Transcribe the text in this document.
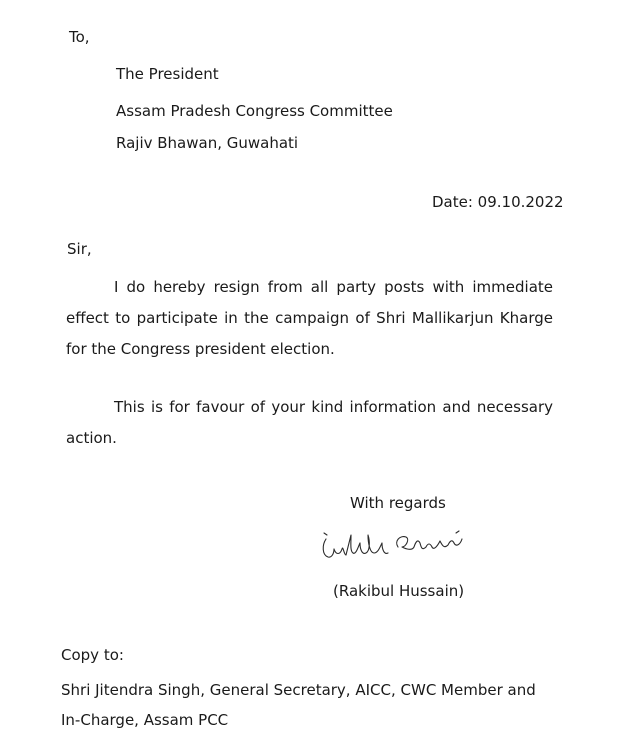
To,
The President
Assam Pradesh Congress Committee
Rajiv Bhawan, Guwahati
Date: 09.10.2022
Sir,
I do hereby resign from all party posts with immediate effect to participate in the campaign of Shri Mallikarjun Kharge for the Congress president election.
This is for favour of your kind information and necessary action.
With regards
(Rakibul Hussain)
Copy to:
Shri Jitendra Singh, General Secretary, AICC, CWC Member and In-Charge, Assam PCC
